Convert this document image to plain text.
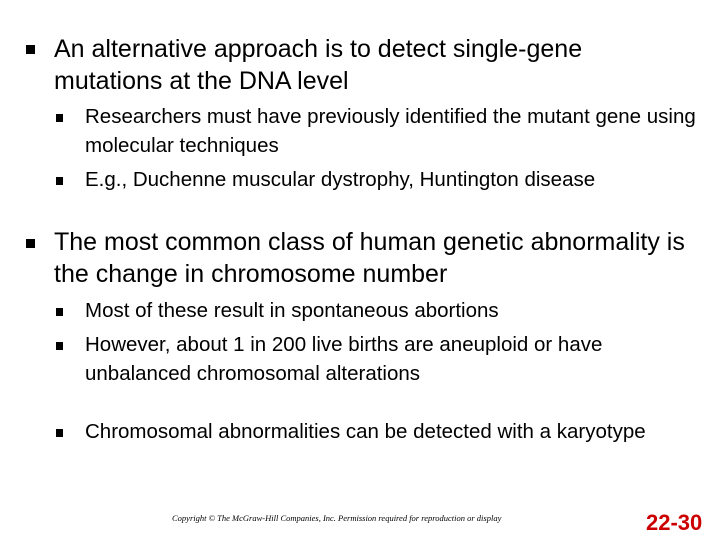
An alternative approach is to detect single-gene mutations at the DNA level
Researchers must have previously identified the mutant gene using molecular techniques
E.g., Duchenne muscular dystrophy, Huntington disease
The most common class of human genetic abnormality is the change in chromosome number
Most of these result in spontaneous abortions
However, about 1 in 200 live births are aneuploid or have unbalanced chromosomal alterations
Chromosomal abnormalities can be detected with a karyotype
Copyright © The McGraw-Hill Companies, Inc. Permission required for reproduction or display	22-30
